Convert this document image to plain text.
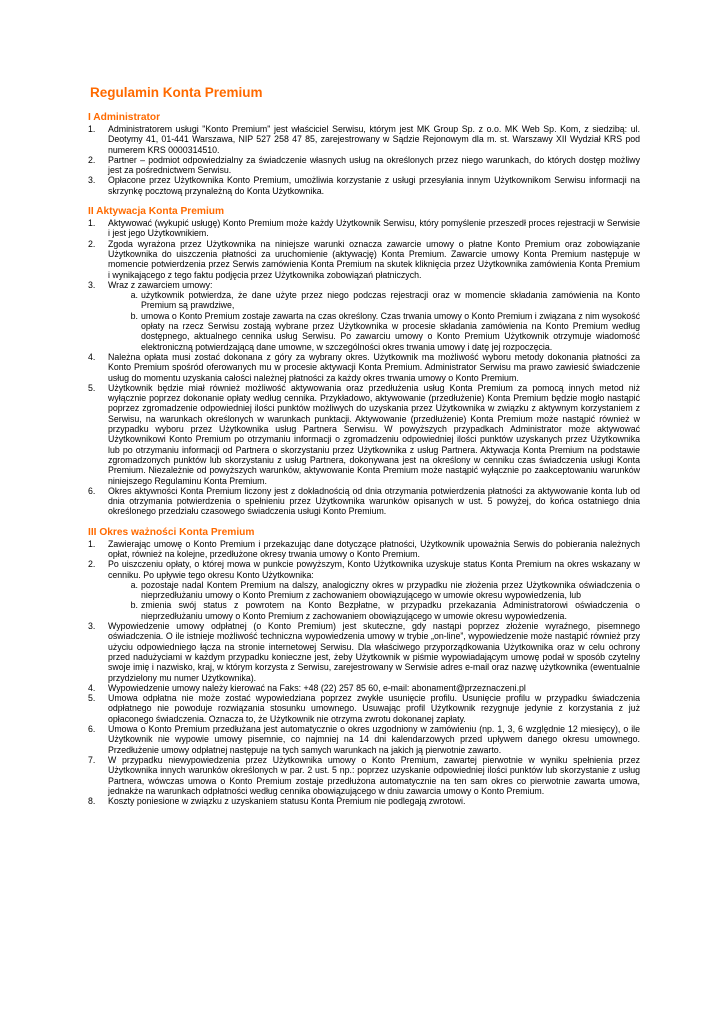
Regulamin Konta Premium
I Administrator
1. Administratorem usługi "Konto Premium" jest właściciel Serwisu, którym jest MK Group Sp. z o.o. MK Web Sp. Kom, z siedzibą: ul. Deotymy 41, 01-441 Warszawa, NIP 527 258 47 85, zarejestrowany w Sądzie Rejonowym dla m. st. Warszawy XII Wydział KRS pod numerem KRS 0000314510.
2. Partner – podmiot odpowiedzialny za świadczenie własnych usług na określonych przez niego warunkach, do których dostęp możliwy jest za pośrednictwem Serwisu.
3. Opłacone przez Użytkownika Konto Premium, umożliwia korzystanie z usługi przesyłania innym Użytkownikom Serwisu informacji na skrzynkę pocztową przynależną do Konta Użytkownika.
II Aktywacja Konta Premium
1. Aktywować (wykupić usługę) Konto Premium może każdy Użytkownik Serwisu, który pomyślenie przeszedł proces rejestracji w Serwisie i jest jego Użytkownikiem.
2. Zgoda wyrażona przez Użytkownika na niniejsze warunki oznacza zawarcie umowy o płatne Konto Premium oraz zobowiązanie Użytkownika do uiszczenia płatności za uruchomienie (aktywację) Konta Premium. Zawarcie umowy Konta Premium następuje w momencie potwierdzenia przez Serwis zamówienia Konta Premium na skutek kliknięcia przez Użytkownika zamówienia Konta Premium i wynikającego z tego faktu podjęcia przez Użytkownika zobowiązań płatniczych.
3. Wraz z zawarciem umowy:
a. użytkownik potwierdza, że dane użyte przez niego podczas rejestracji oraz w momencie składania zamówienia na Konto Premium są prawdziwe,
b. umowa o Konto Premium zostaje zawarta na czas określony. Czas trwania umowy o Konto Premium i związana z nim wysokość opłaty na rzecz Serwisu zostają wybrane przez Użytkownika w procesie składania zamówienia na Konto Premium według dostępnego, aktualnego cennika usług Serwisu. Po zawarciu umowy o Konto Premium Użytkownik otrzymuje wiadomość elektroniczną potwierdzającą dane umowne, w szczególności okres trwania umowy i datę jej rozpoczęcia.
4. Należna opłata musi zostać dokonana z góry za wybrany okres. Użytkownik ma możliwość wyboru metody dokonania płatności za Konto Premium spośród oferowanych mu w procesie aktywacji Konta Premium. Administrator Serwisu ma prawo zawiesić świadczenie usług do momentu uzyskania całości należnej płatności za każdy okres trwania umowy o Konto Premium.
5. Użytkownik będzie miał również możliwość aktywowania oraz przedłużenia usług Konta Premium za pomocą innych metod niż wyłącznie poprzez dokonanie opłaty według cennika. Przykładowo, aktywowanie (przedłużenie) Konta Premium będzie mogło nastąpić poprzez zgromadzenie odpowiedniej ilości punktów możliwych do uzyskania przez Użytkownika w związku z aktywnym korzystaniem z Serwisu, na warunkach określonych w warunkach punktacji. Aktywowanie (przedłużenie) Konta Premium może nastąpić również w przypadku wyboru przez Użytkownika usług Partnera Serwisu. W powyższych przypadkach Administrator może aktywować Użytkownikowi Konto Premium po otrzymaniu informacji o zgromadzeniu odpowiedniej ilości punktów uzyskanych przez Użytkownika lub po otrzymaniu informacji od Partnera o skorzystaniu przez Użytkownika z usług Partnera. Aktywacja Konta Premium na podstawie zgromadzonych punktów lub skorzystaniu z usług Partnera, dokonywana jest na określony w cenniku czas świadczenia usługi Konta Premium. Niezależnie od powyższych warunków, aktywowanie Konta Premium może nastąpić wyłącznie po zaakceptowaniu warunków niniejszego Regulaminu Konta Premium.
6. Okres aktywności Konta Premium liczony jest z dokładnością od dnia otrzymania potwierdzenia płatności za aktywowanie konta lub od dnia otrzymania potwierdzenia o spełnieniu przez Użytkownika warunków opisanych w ust. 5 powyżej, do końca ostatniego dnia określonego przedziału czasowego świadczenia usługi Konto Premium.
III Okres ważności Konta Premium
1. Zawierając umowę o Konto Premium i przekazując dane dotyczące płatności, Użytkownik upoważnia Serwis do pobierania należnych opłat, również na kolejne, przedłużone okresy trwania umowy o Konto Premium.
2. Po uiszczeniu opłaty, o której mowa w punkcie powyższym, Konto Użytkownika uzyskuje status Konta Premium na okres wskazany w cenniku. Po upływie tego okresu Konto Użytkownika:
a. pozostaje nadal Kontem Premium na dalszy, analogiczny okres w przypadku nie złożenia przez Użytkownika oświadczenia o nieprzedłużaniu umowy o Konto Premium z zachowaniem obowiązującego w umowie okresu wypowiedzenia, lub
b. zmienia swój status z powrotem na Konto Bezpłatne, w przypadku przekazania Administratorowi oświadczenia o nieprzedłużaniu umowy o Konto Premium z zachowaniem obowiązującego w umowie okresu wypowiedzenia.
3. Wypowiedzenie umowy odpłatnej (o Konto Premium) jest skuteczne, gdy nastąpi poprzez złożenie wyraźnego, pisemnego oświadczenia. O ile istnieje możliwość techniczna wypowiedzenia umowy w trybie „on-line”, wypowiedzenie może nastąpić również przy użyciu odpowiedniego łącza na stronie internetowej Serwisu. Dla właściwego przyporządkowania Użytkownika oraz w celu ochrony przed nadużyciami w każdym przypadku konieczne jest, żeby Użytkownik w piśmie wypowiadającym umowę podał w sposób czytelny swoje imię i nazwisko, kraj, w którym korzysta z Serwisu, zarejestrowany w Serwisie adres e-mail oraz nazwę użytkownika (ewentualnie przydzielony mu numer Użytkownika).
4. Wypowiedzenie umowy należy kierować na Faks: +48 (22) 257 85 60, e-mail: abonament@przeznaczeni.pl
5. Umowa odpłatna nie może zostać wypowiedziana poprzez zwykłe usunięcie profilu. Usunięcie profilu w przypadku świadczenia odpłatnego nie powoduje rozwiązania stosunku umownego. Usuwając profil Użytkownik rezygnuje jedynie z korzystania z już opłaconego świadczenia. Oznacza to, że Użytkownik nie otrzyma zwrotu dokonanej zapłaty.
6. Umowa o Konto Premium przedłużana jest automatycznie o okres uzgodniony w zamówieniu (np. 1, 3, 6 względnie 12 miesięcy), o ile Użytkownik nie wypowie umowy pisemnie, co najmniej na 14 dni kalendarzowych przed upływem danego okresu umownego. Przedłużenie umowy odpłatnej następuje na tych samych warunkach na jakich ją pierwotnie zawarto.
7. W przypadku niewypowiedzenia przez Użytkownika umowy o Konto Premium, zawartej pierwotnie w wyniku spełnienia przez Użytkownika innych warunków określonych w par. 2 ust. 5 np.: poprzez uzyskanie odpowiedniej ilości punktów lub skorzystanie z usług Partnera, wówczas umowa o Konto Premium zostaje przedłużona automatycznie na ten sam okres co pierwotnie zawarta umowa, jednakże na warunkach odpłatności według cennika obowiązującego w dniu zawarcia umowy o Konto Premium.
8. Koszty poniesione w związku z uzyskaniem statusu Konta Premium nie podlegają zwrotowi.
